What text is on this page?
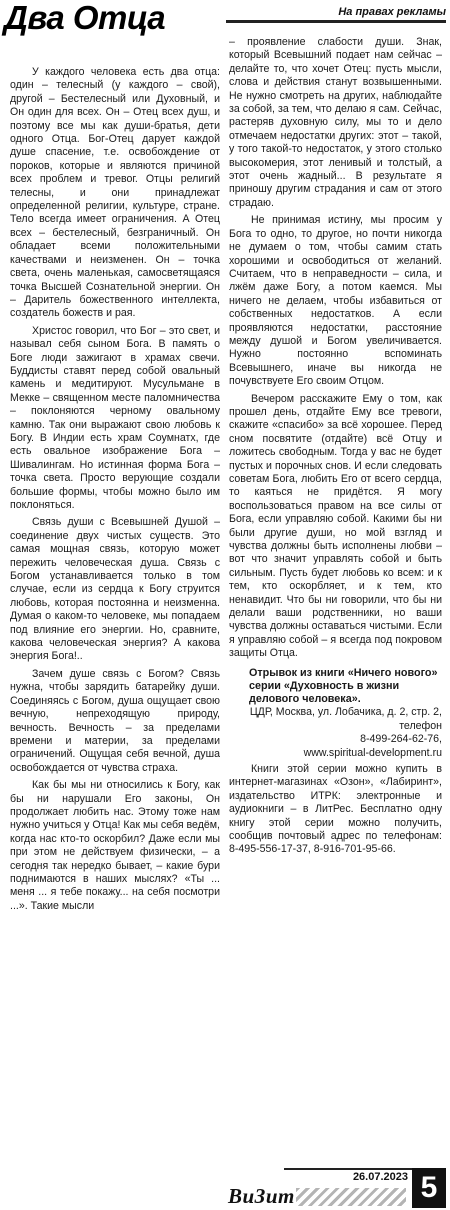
Два Отца	На правах рекламы

У каждого человека есть два отца: один – телесный (у каждого – свой), другой – Бестелесный или Духовный, и Он один для всех. Он – Отец всех душ, и поэтому все мы как души-братья, дети одного Отца. Бог-Отец дарует каждой душе спасение, т.е. освобождение от пороков, которые и являются причиной всех проблем и тревог. Отцы религий телесны, и они принадлежат определенной религии, культуре, стране. Тело всегда имеет ограничения. А Отец всех – бестелесный, безграничный. Он обладает всеми положительными качествами и неизменен. Он – точка света, очень маленькая, самосветящаяся точка Высшей Сознательной энергии. Он – Даритель божественного интеллекта, создатель божеств и рая.

Христос говорил, что Бог – это свет, и называл себя сыном Бога. В память о Боге люди зажигают в храмах свечи. Буддисты ставят перед собой овальный камень и медитируют. Мусульмане в Мекке – священном месте паломничества – поклоняются черному овальному камню. Так они выражают свою любовь к Богу. В Индии есть храм Соумнатх, где есть овальное изображение Бога – Шивалингам. Но истинная форма Бога – точка света. Просто верующие создали большие формы, чтобы можно было им поклоняться.

Связь души с Всевышней Душой – соединение двух чистых существ. Это самая мощная связь, которую может пережить человеческая душа. Связь с Богом устанавливается только в том случае, если из сердца к Богу струится любовь, которая постоянна и неизменна. Думая о каком-то человеке, мы попадаем под влияние его энергии. Но, сравните, какова человеческая энергия? А какова энергия Бога!..

Зачем душе связь с Богом? Связь нужна, чтобы зарядить батарейку души. Соединяясь с Богом, душа ощущает свою вечную, непреходящую природу, вечность. Вечность – за пределами времени и материи, за пределами ограничений. Ощущая себя вечной, душа освобождается от чувства страха.

Как бы мы ни относились к Богу, как бы ни нарушали Его законы, Он продолжает любить нас. Этому тоже нам нужно учиться у Отца! Как мы себя ведём, когда нас кто-то оскорбил? Даже если мы при этом не действуем физически, – а сегодня так нередко бывает, – какие бури поднимаются в наших мыслях? «Ты ... меня ... я тебе покажу... на себя посмотри ...». Такие мысли

– проявление слабости души. Знак, который Всевышний подает нам сейчас – делайте то, что хочет Отец: пусть мысли, слова и действия станут возвышенными. Не нужно смотреть на других, наблюдайте за собой, за тем, что делаю я сам. Сейчас, растеряв духовную силу, мы то и дело отмечаем недостатки других: этот – такой, у того такой-то недостаток, у этого столько высокомерия, этот ленивый и толстый, а этот очень жадный... В результате я приношу другим страдания и сам от этого страдаю.

Не принимая истину, мы просим у Бога то одно, то другое, но почти никогда не думаем о том, чтобы самим стать хорошими и освободиться от желаний. Считаем, что в неправедности – сила, и лжём даже Богу, а потом каемся. Мы ничего не делаем, чтобы избавиться от собственных недостатков. А если проявляются недостатки, расстояние между душой и Богом увеличивается. Нужно постоянно вспоминать Всевышнего, иначе вы никогда не почувствуете Его своим Отцом.

Вечером расскажите Ему о том, как прошел день, отдайте Ему все тревоги, скажите «спасибо» за всё хорошее. Перед сном посвятите (отдайте) всё Отцу и ложитесь свободным. Тогда у вас не будет пустых и порочных снов. И если следовать советам Бога, любить Его от всего сердца, то каяться не придётся. Я могу воспользоваться правом на все силы от Бога, если управляю собой. Какими бы ни были другие души, но мой взгляд и чувства должны быть исполнены любви – вот что значит управлять собой и быть сильным. Пусть будет любовь ко всем: и к тем, кто оскорбляет, и к тем, кто ненавидит. Что бы ни говорили, что бы ни делали ваши родственники, но ваши чувства должны оставаться чистыми. Если я управляю собой – я всегда под покровом защиты Отца.

Отрывок из книги «Ничего нового» серии «Духовность в жизни делового человека».
ЦДР, Москва, ул. Лобачика, д. 2, стр. 2, телефон
8-499-264-62-76,
www.spiritual-development.ru

Книги этой серии можно купить в интернет-магазинах «Озон», «Лабиринт», издательство ИТРК: электронные и аудиокниги – в ЛитРес. Бесплатно одну книгу этой серии можно получить, сообщив почтовый адрес по телефонам: 8-495-556-17-37, 8-916-701-95-66.

ВиЗит
26.07.2023 5
